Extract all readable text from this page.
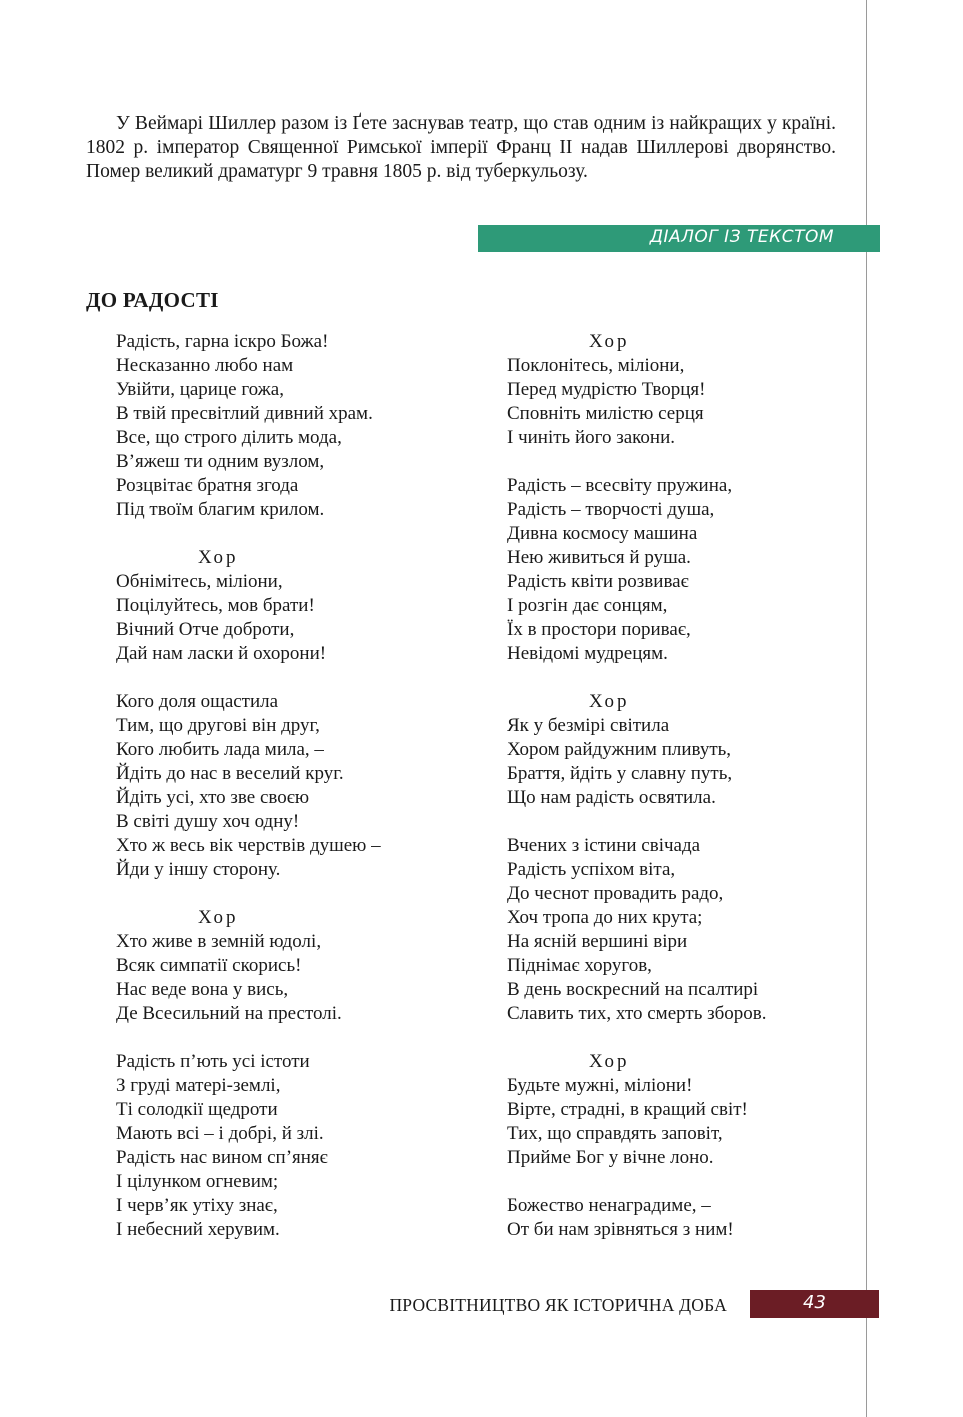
У Веймарі Шиллер разом із Ґете заснував театр, що став одним із найкращих у країні. 1802 р. імператор Священної Римської імперії Франц II надав Шиллерові дворянство. Помер великий драматург 9 травня 1805 р. від туберкульозу.

ДІАЛОГ ІЗ ТЕКСТОМ
ДО РАДОСТІ
Радість, гарна іскро Божа!
Несказанно любо нам
Увійти, царице гожа,
В твій пресвітлий дивний храм.
Все, що строго ділить мода,
В’яжеш ти одним вузлом,
Розцвітає братня згода
Під твоїм благим крилом.
Хор
Обнімітесь, міліони,
Поцілуйтесь, мов брати!
Вічний Отче доброти,
Дай нам ласки й охорони!
Кого доля ощастила
Тим, що другові він друг,
Кого любить лада мила, –
Йдіть до нас в веселий круг.
Йдіть усі, хто зве своєю
В світі душу хоч одну!
Хто ж весь вік черствів душею –
Йди у іншу сторону.
Хор
Хто живе в земній юдолі,
Всяк симпатії скорись!
Нас веде вона у вись,
Де Всесильний на престолі.
Радість п’ють усі істоти
З груді матері-землі,
Ті солодкії щедроти
Мають всі – і добрі, й злі.
Радість нас вином сп’яняє
І цілунком огневим;
І черв’як утіху знає,
І небесний херувим.
Хор
Поклонітесь, міліони,
Перед мудрістю Творця!
Сповніть милістю серця
І чиніть його закони.
Радість – всесвіту пружина,
Радість – творчості душа,
Дивна космосу машина
Нею живиться й руша.
Радість квіти розвиває
І розгін дає сонцям,
Їх в простори пориває,
Невідомі мудрецям.
Хор
Як у безмірі світила
Хором райдужним пливуть,
Браття, йдіть у славну путь,
Що нам радість освятила.
Вчених з істини свічада
Радість успіхом віта,
До чеснот провадить радо,
Хоч тропа до них крута;
На ясній вершині віри
Піднімає хоругов,
В день воскресний на псалтирі
Славить тих, хто смерть зборов.
Хор
Будьте мужні, міліони!
Вірте, страдні, в кращий світ!
Тих, що справдять заповіт,
Прийме Бог у вічне лоно.
Божество ненаградиме, –
От би нам зрівняться з ним!
ПРОСВІТНИЦТВО ЯК ІСТОРИЧНА ДОБА	43
